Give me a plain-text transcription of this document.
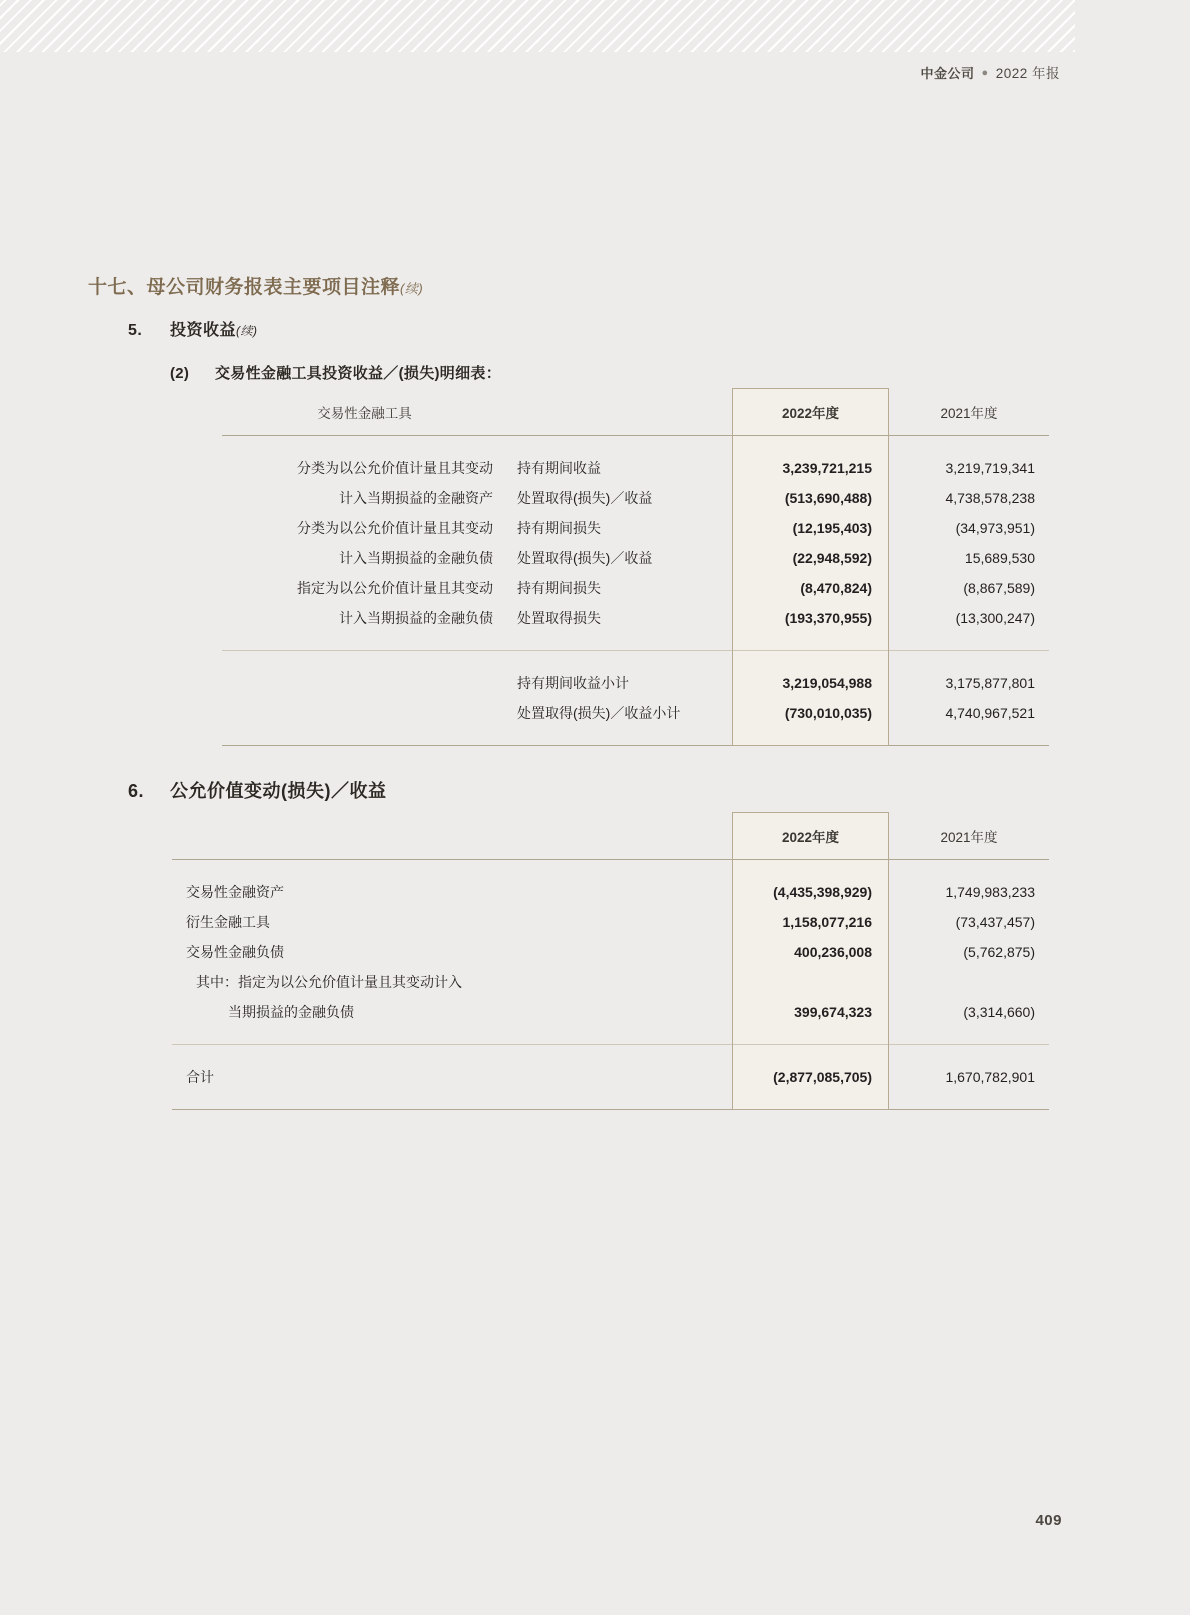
中金公司 ● 2022 年报
十七、母公司财务报表主要项目注释(续)
5. 投资收益(续)
(2) 交易性金融工具投资收益／(损失)明细表：
交易性金融工具		2022年度	2021年度

分类为以公允价值计量且其变动	持有期间收益	3,239,721,215	3,219,719,341
计入当期损益的金融资产	处置取得(损失)／收益	(513,690,488)	4,738,578,238
分类为以公允价值计量且其变动	持有期间损失	(12,195,403)	(34,973,951)
计入当期损益的金融负债	处置取得(损失)／收益	(22,948,592)	15,689,530
指定为以公允价值计量且其变动	持有期间损失	(8,470,824)	(8,867,589)
计入当期损益的金融负债	处置取得损失	(193,370,955)	(13,300,247)

	持有期间收益小计	3,219,054,988	3,175,877,801
	处置取得(损失)／收益小计	(730,010,035)	4,740,967,521

6. 公允价值变动(损失)／收益
	2022年度	2021年度

交易性金融资产	(4,435,398,929)	1,749,983,233
衍生金融工具	1,158,077,216	(73,437,457)
交易性金融负债	400,236,008	(5,762,875)
其中：指定为以公允价值计量且其变动计入		
当期损益的金融负债	399,674,323	(3,314,660)

合计	(2,877,085,705)	1,670,782,901

409
